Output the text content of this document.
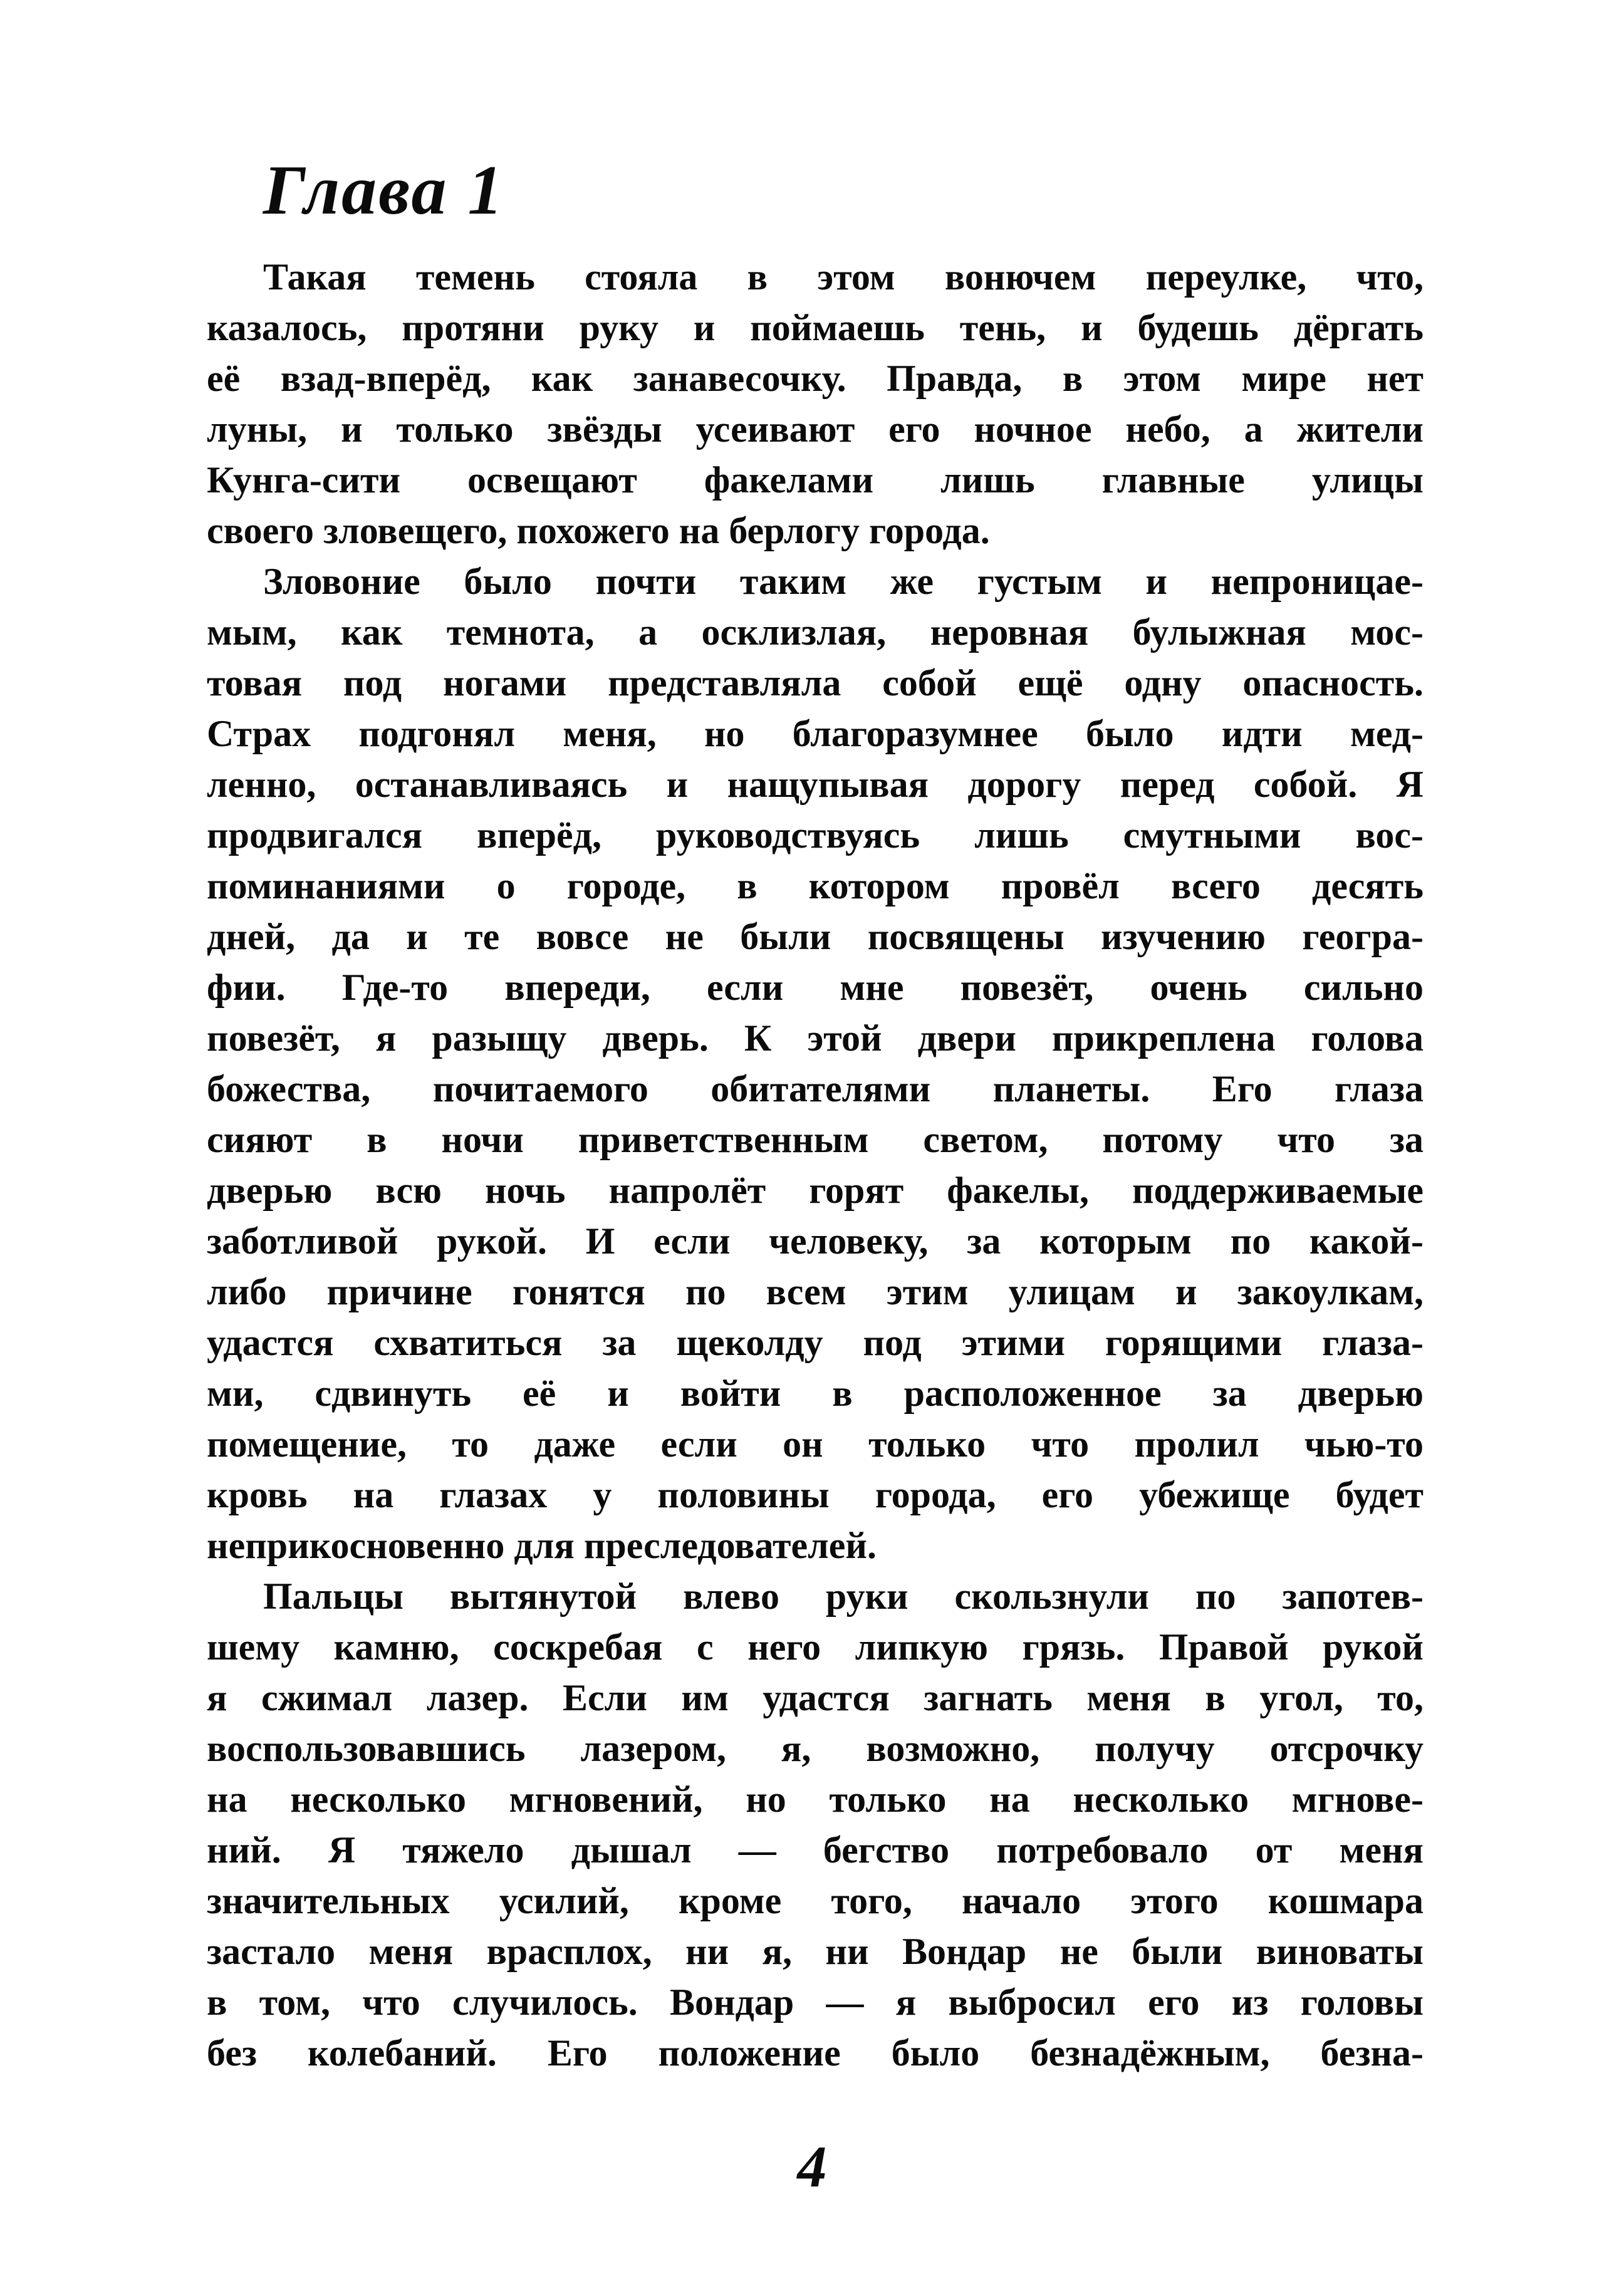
Глава 1
Такая темень стояла в этом вонючем переулке, что,
казалось, протяни руку и поймаешь тень, и будешь дёргать
её взад-вперёд, как занавесочку. Правда, в этом мире нет
луны, и только звёзды усеивают его ночное небо, а жители
Кунга-сити освещают факелами лишь главные улицы
своего зловещего, похожего на берлогу города.
Зловоние было почти таким же густым и непроницае-
мым, как темнота, а осклизлая, неровная булыжная мос-
товая под ногами представляла собой ещё одну опасность.
Страх подгонял меня, но благоразумнее было идти мед-
ленно, останавливаясь и нащупывая дорогу перед собой. Я
продвигался вперёд, руководствуясь лишь смутными вос-
поминаниями о городе, в котором провёл всего десять
дней, да и те вовсе не были посвящены изучению геогра-
фии. Где-то впереди, если мне повезёт, очень сильно
повезёт, я разыщу дверь. К этой двери прикреплена голова
божества, почитаемого обитателями планеты. Его глаза
сияют в ночи приветственным светом, потому что за
дверью всю ночь напролёт горят факелы, поддерживаемые
заботливой рукой. И если человеку, за которым по какой-
либо причине гонятся по всем этим улицам и закоулкам,
удастся схватиться за щеколду под этими горящими глаза-
ми, сдвинуть её и войти в расположенное за дверью
помещение, то даже если он только что пролил чью-то
кровь на глазах у половины города, его убежище будет
неприкосновенно для преследователей.
Пальцы вытянутой влево руки скользнули по запотев-
шему камню, соскребая с него липкую грязь. Правой рукой
я сжимал лазер. Если им удастся загнать меня в угол, то,
воспользовавшись лазером, я, возможно, получу отсрочку
на несколько мгновений, но только на несколько мгнове-
ний. Я тяжело дышал — бегство потребовало от меня
значительных усилий, кроме того, начало этого кошмара
застало меня врасплох, ни я, ни Вондар не были виноваты
в том, что случилось. Вондар — я выбросил его из головы
без колебаний. Его положение было безнадёжным, безна-
4
